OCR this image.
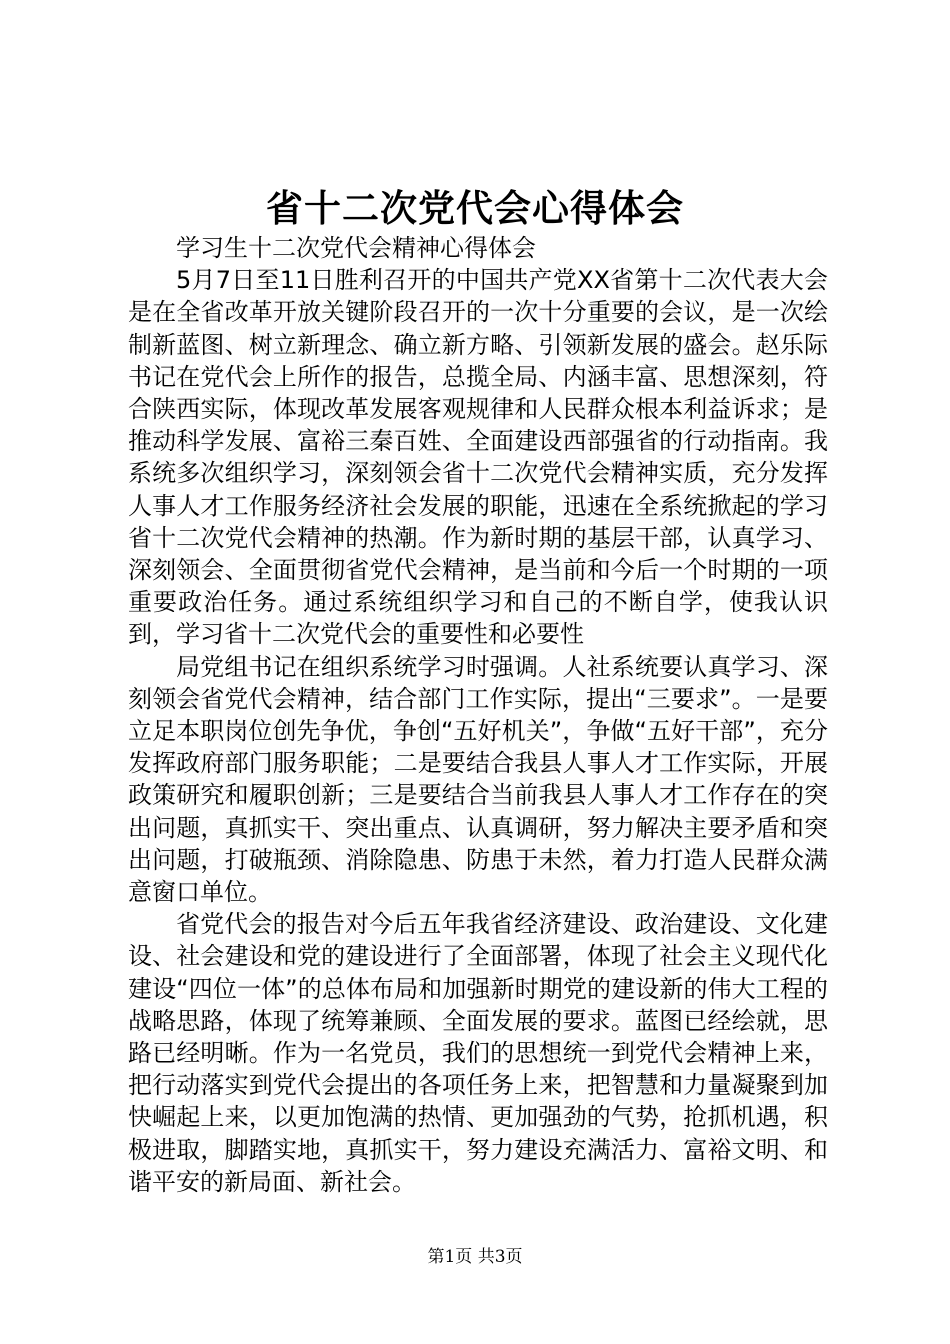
省十二次党代会心得体会

学习生十二次党代会精神心得体会

5月7日至11日胜利召开的中国共产党XX省第十二次代表大会是在全省改革开放关键阶段召开的一次十分重要的会议，是一次绘制新蓝图、树立新理念、确立新方略、引领新发展的盛会。赵乐际书记在党代会上所作的报告，总揽全局、内涵丰富、思想深刻，符合陕西实际，体现改革发展客观规律和人民群众根本利益诉求；是推动科学发展、富裕三秦百姓、全面建设西部强省的行动指南。我系统多次组织学习，深刻领会省十二次党代会精神实质，充分发挥人事人才工作服务经济社会发展的职能，迅速在全系统掀起的学习省十二次党代会精神的热潮。作为新时期的基层干部，认真学习、深刻领会、全面贯彻省党代会精神，是当前和今后一个时期的一项重要政治任务。通过系统组织学习和自己的不断自学，使我认识到，学习省十二次党代会的重要性和必要性

局党组书记在组织系统学习时强调。人社系统要认真学习、深刻领会省党代会精神，结合部门工作实际，提出“三要求”。一是要立足本职岗位创先争优，争创“五好机关”，争做“五好干部”，充分发挥政府部门服务职能；二是要结合我县人事人才工作实际，开展政策研究和履职创新；三是要结合当前我县人事人才工作存在的突出问题，真抓实干、突出重点、认真调研，努力解决主要矛盾和突出问题，打破瓶颈、消除隐患、防患于未然，着力打造人民群众满意窗口单位。

省党代会的报告对今后五年我省经济建设、政治建设、文化建设、社会建设和党的建设进行了全面部署，体现了社会主义现代化建设“四位一体”的总体布局和加强新时期党的建设新的伟大工程的战略思路，体现了统筹兼顾、全面发展的要求。蓝图已经绘就，思路已经明晰。作为一名党员，我们的思想统一到党代会精神上来，把行动落实到党代会提出的各项任务上来，把智慧和力量凝聚到加快崛起上来，以更加饱满的热情、更加强劲的气势，抢抓机遇，积极进取，脚踏实地，真抓实干，努力建设充满活力、富裕文明、和谐平安的新局面、新社会。

第1页 共3页
